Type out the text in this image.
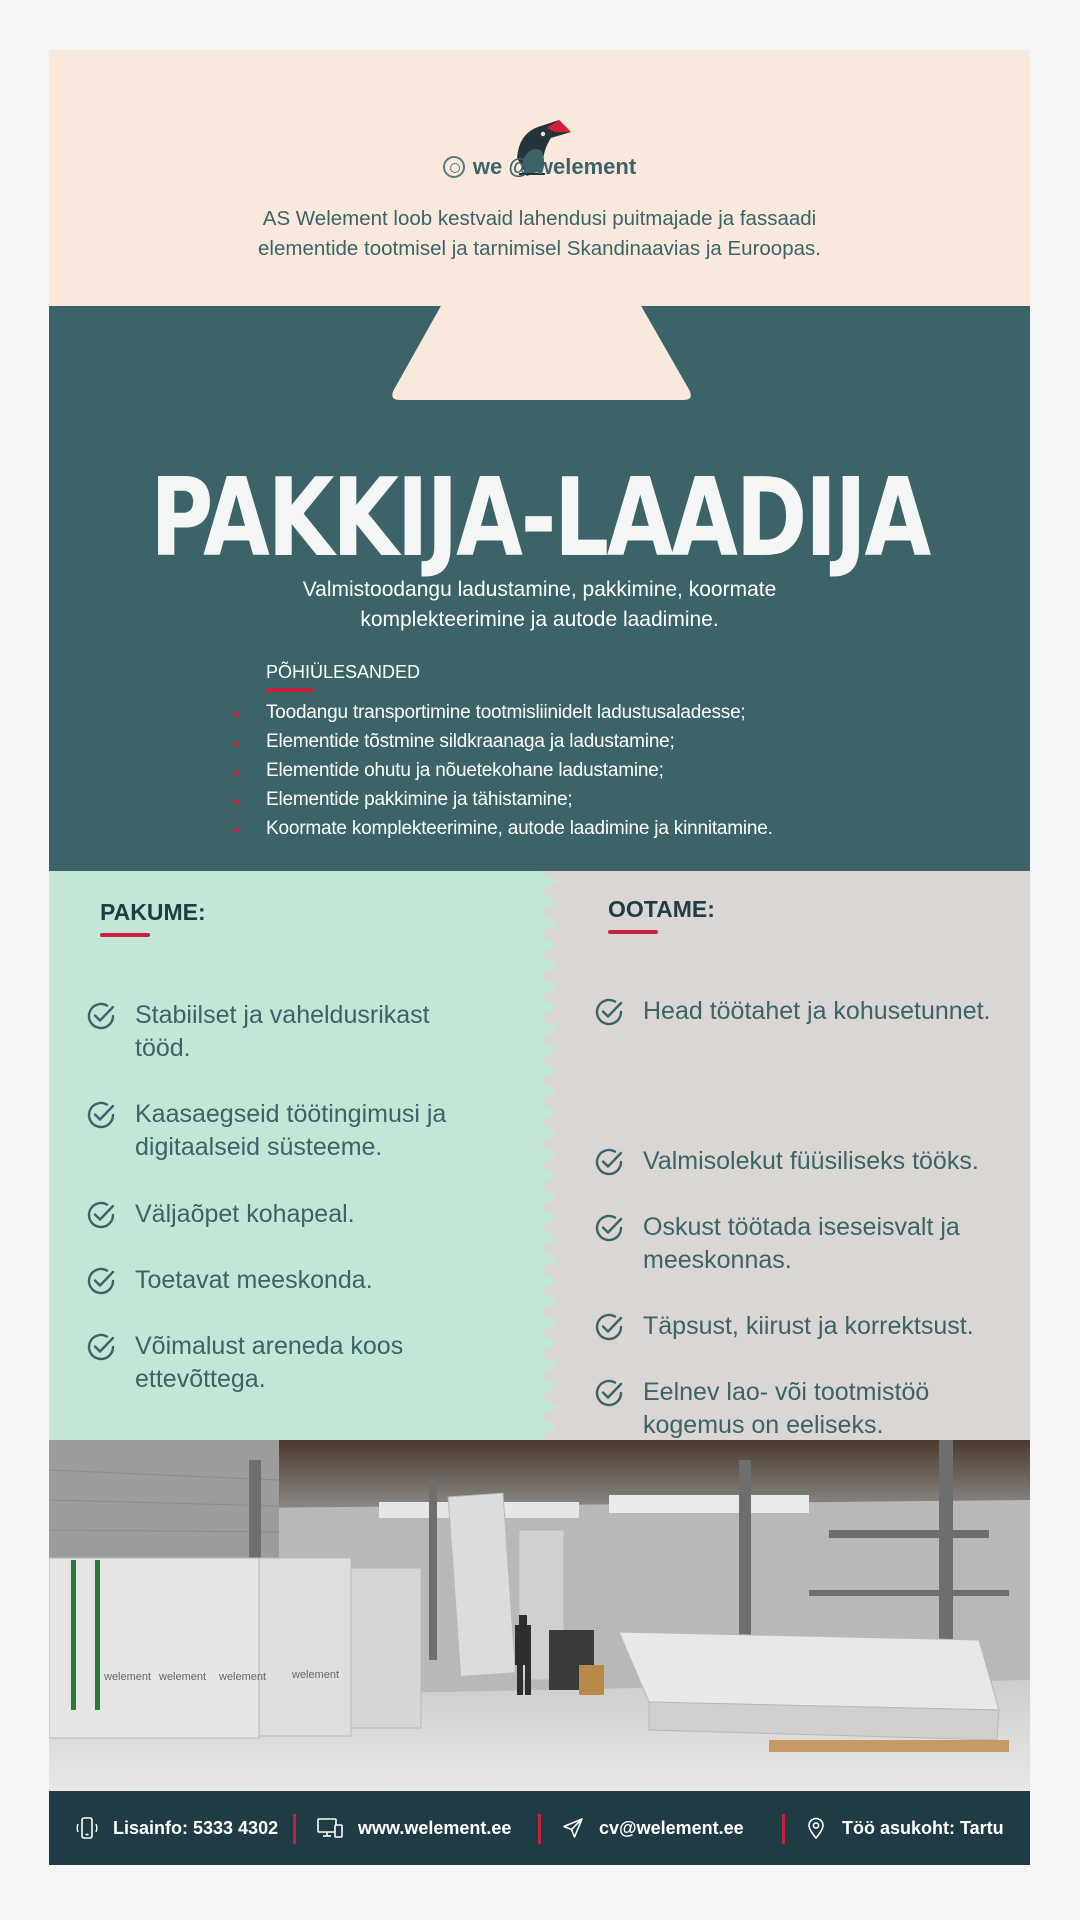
we @ welement
AS Welement loob kestvaid lahendusi puitmajade ja fassaadi
elementide tootmisel ja tarnimisel Skandinaavias ja Euroopas.
PAKKIJA-LAADIJA
Valmistoodangu ladustamine, pakkimine, koormate
komplekteerimine ja autode laadimine.
PÕHIÜLESANDED
Toodangu transportimine tootmisliinidelt ladustusaladesse;
Elementide tõstmine sildkraanaga ja ladustamine;
Elementide ohutu ja nõuetekohane ladustamine;
Elementide pakkimine ja tähistamine;
Koormate komplekteerimine, autode laadimine ja kinnitamine.
PAKUME:	OOTAME:
Stabiilset ja vaheldusrikast tööd.
Kaasaegseid töötingimusi ja digitaalseid süsteeme.
Väljaõpet kohapeal.
Toetavat meeskonda.
Võimalust areneda koos ettevõttega.
Head töötahet ja kohusetunnet.
Valmisolekut füüsiliseks tööks.
Oskust töötada iseseisvalt ja meeskonnas.
Täpsust, kiirust ja korrektsust.
Eelnev lao- või tootmistöö kogemus on eeliseks.
welement welement welement welement
Lisainfo: 5333 4302	www.welement.ee	cv@welement.ee	Töö asukoht: Tartu
